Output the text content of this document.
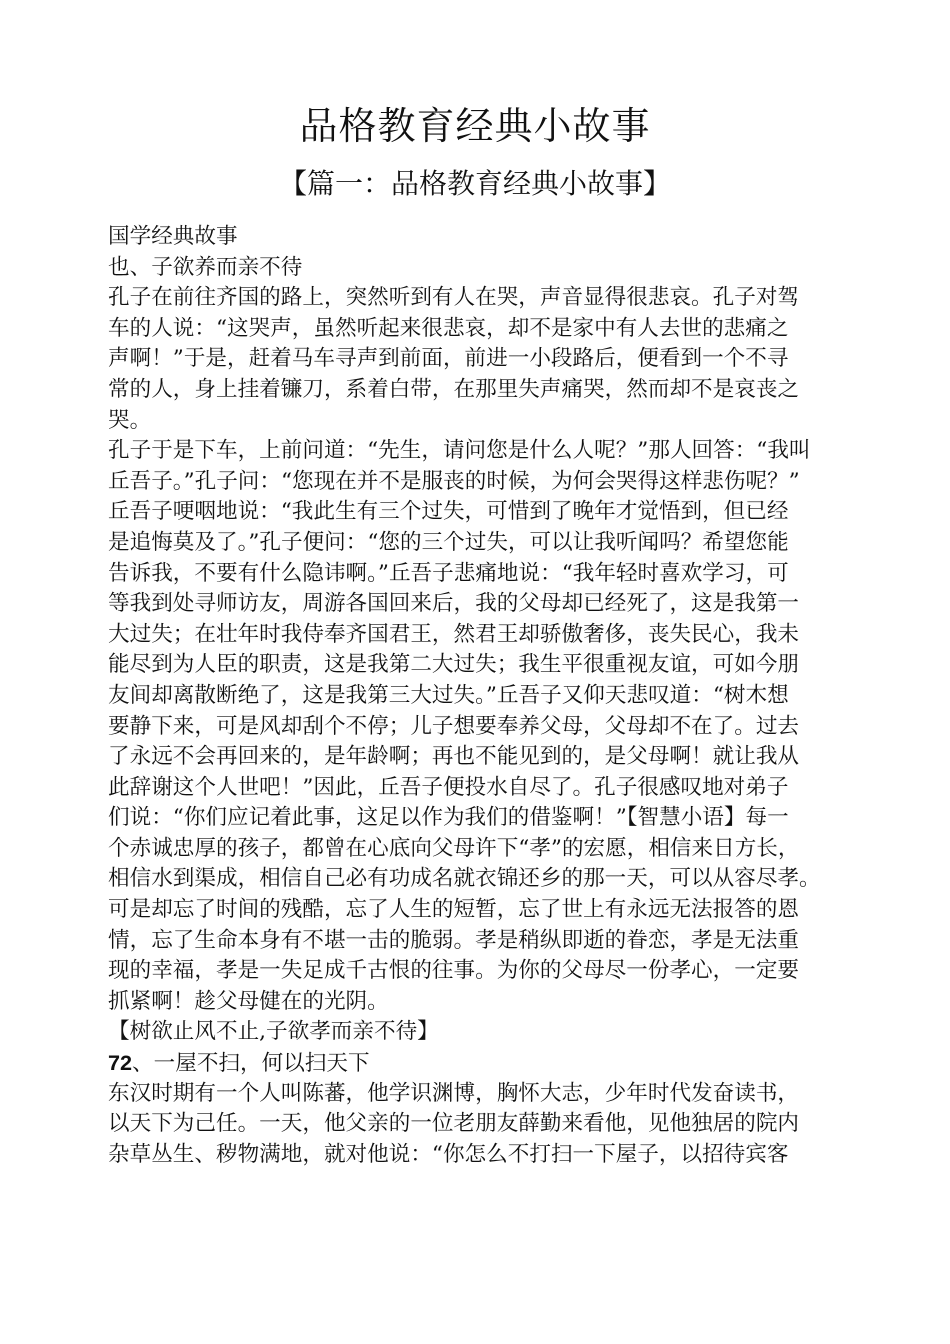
品格教育经典小故事
【篇一：品格教育经典小故事】
国学经典故事
也、子欲养而亲不待
孔子在前往齐国的路上，突然听到有人在哭，声音显得很悲哀。孔子对驾
车的人说：“这哭声，虽然听起来很悲哀，却不是家中有人去世的悲痛之
声啊！”于是，赶着马车寻声到前面，前进一小段路后，便看到一个不寻
常的人，身上挂着镰刀，系着白带，在那里失声痛哭，然而却不是哀丧之
哭。
孔子于是下车，上前问道：“先生，请问您是什么人呢？”那人回答：“我叫
丘吾子。”孔子问：“您现在并不是服丧的时候，为何会哭得这样悲伤呢？”
丘吾子哽咽地说：“我此生有三个过失，可惜到了晚年才觉悟到，但已经
是追悔莫及了。”孔子便问：“您的三个过失，可以让我听闻吗？希望您能
告诉我，不要有什么隐讳啊。”丘吾子悲痛地说：“我年轻时喜欢学习，可
等我到处寻师访友，周游各国回来后，我的父母却已经死了，这是我第一
大过失；在壮年时我侍奉齐国君王，然君王却骄傲奢侈，丧失民心，我未
能尽到为人臣的职责，这是我第二大过失；我生平很重视友谊，可如今朋
友间却离散断绝了，这是我第三大过失。”丘吾子又仰天悲叹道：“树木想
要静下来，可是风却刮个不停；儿子想要奉养父母，父母却不在了。过去
了永远不会再回来的，是年龄啊；再也不能见到的，是父母啊！就让我从
此辞谢这个人世吧！”因此，丘吾子便投水自尽了。孔子很感叹地对弟子
们说：“你们应记着此事，这足以作为我们的借鉴啊！”【智慧小语】每一
个赤诚忠厚的孩子，都曾在心底向父母许下“孝”的宏愿，相信来日方长，
相信水到渠成，相信自己必有功成名就衣锦还乡的那一天，可以从容尽孝。
可是却忘了时间的残酷，忘了人生的短暂，忘了世上有永远无法报答的恩
情，忘了生命本身有不堪一击的脆弱。孝是稍纵即逝的眷恋，孝是无法重
现的幸福，孝是一失足成千古恨的往事。为你的父母尽一份孝心，一定要
抓紧啊！趁父母健在的光阴。
【树欲止风不止,子欲孝而亲不待】
72、一屋不扫，何以扫天下
东汉时期有一个人叫陈蕃，他学识渊博，胸怀大志，少年时代发奋读书，
以天下为己任。一天，他父亲的一位老朋友薛勤来看他，见他独居的院内
杂草丛生、秽物满地，就对他说：“你怎么不打扫一下屋子，以招待宾客
